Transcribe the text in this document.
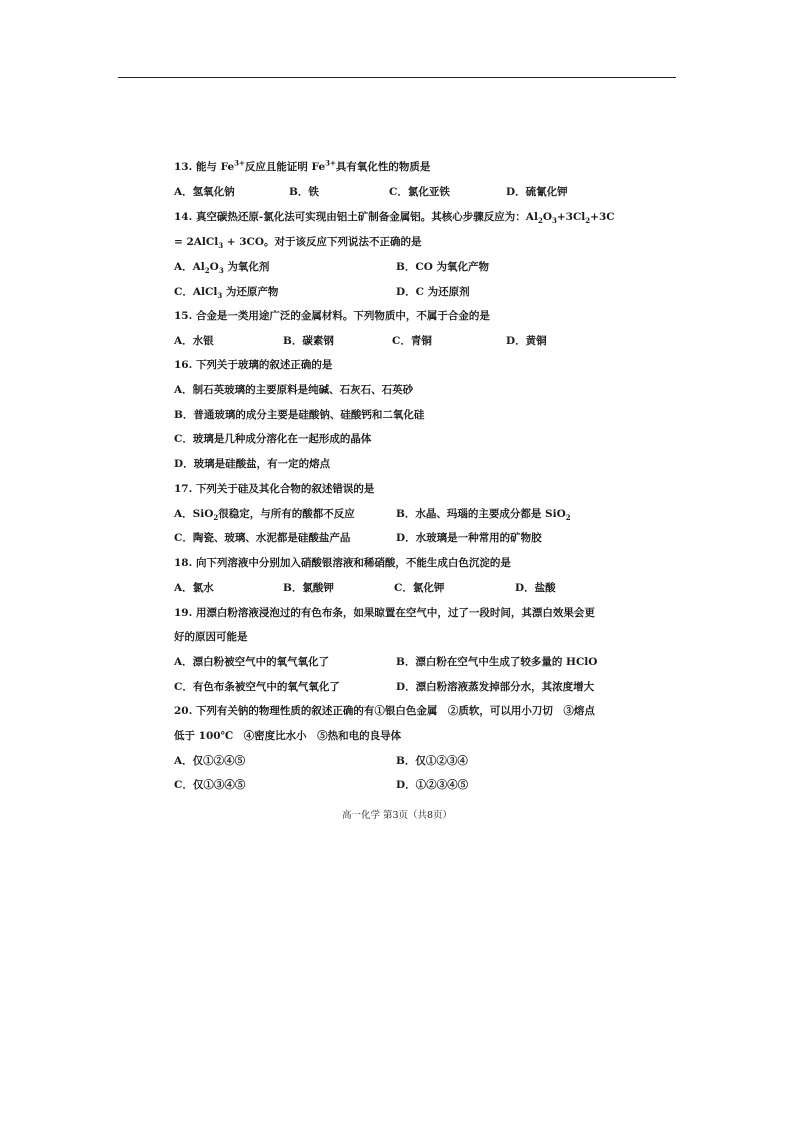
13. 能与 $Fe^{3+}$反应且能证明 $Fe^{3+}$具有氧化性的物质是
A．氢氧化钠	B．铁	C．氯化亚铁	D．硫氰化钾
14. 真空碳热还原-氯化法可实现由铝土矿制备金属铝。其核心步骤反应为：$Al_2O_3+3Cl_2+3C$
= 2AlCl$_3$ + 3CO。对于该反应下列说法不正确的是
A．$Al_2O_3$ 为氧化剂	B．CO 为氧化产物
C．AlCl$_3$ 为还原产物	D．C 为还原剂
15. 合金是一类用途广泛的金属材料。下列物质中，不属于合金的是
A．水银	B．碳素钢	C．青铜	D．黄铜
16. 下列关于玻璃的叙述正确的是
A．制石英玻璃的主要原料是纯碱、石灰石、石英砂
B．普通玻璃的成分主要是硅酸钠、硅酸钙和二氧化硅
C．玻璃是几种成分溶化在一起形成的晶体
D．玻璃是硅酸盐，有一定的熔点
17. 下列关于硅及其化合物的叙述错误的是
A．SiO$_2$很稳定，与所有的酸都不反应	B．水晶、玛瑙的主要成分都是 SiO$_2$
C．陶瓷、玻璃、水泥都是硅酸盐产品	D．水玻璃是一种常用的矿物胶
18. 向下列溶液中分别加入硝酸银溶液和稀硝酸，不能生成白色沉淀的是
A．氯水	B．氯酸钾	C．氯化钾	D．盐酸
19. 用漂白粉溶液浸泡过的有色布条，如果晾置在空气中，过了一段时间，其漂白效果会更
好的原因可能是
A．漂白粉被空气中的氧气氧化了	B．漂白粉在空气中生成了较多量的 HClO
C．有色布条被空气中的氧气氧化了	D．漂白粉溶液蒸发掉部分水，其浓度增大
20. 下列有关钠的物理性质的叙述正确的有①银白色金属　②质软，可以用小刀切　③熔点
低于 100℃　④密度比水小　⑤热和电的良导体
A．仅①②④⑤	B．仅①②③④
C．仅①③④⑤	D．①②③④⑤
高一化学 第3页（共8页）
